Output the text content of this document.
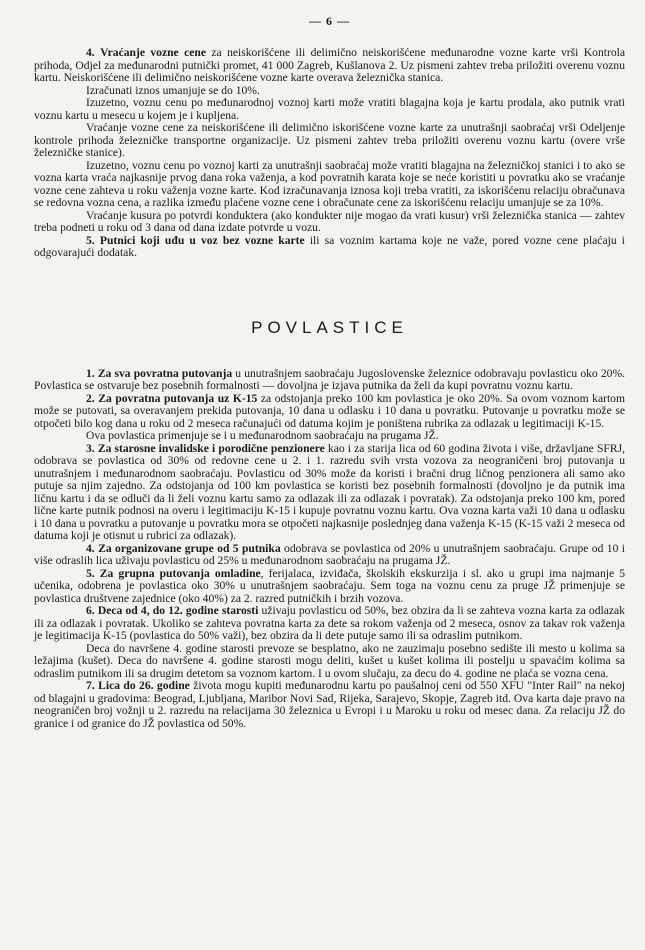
— 6 —

4. Vraćanje vozne cene za neiskorišćene ili delimično neiskorišćene međunarodne vozne karte vrši Kontrola prihoda, Odjel za međunarodni putnički promet, 41 000 Zagreb, Kušlanova 2. Uz pismeni zahtev treba priložiti overenu voznu kartu. Neiskorišćene ili delimično neiskorišćene vozne karte overava železnička stanica.

Izračunati iznos umanjuje se do 10%.

Izuzetno, voznu cenu po međunarodnoj voznoj karti može vratiti blagajna koja je kartu prodala, ako putnik vrati voznu kartu u mesecu u kojem je i kupljena.

Vraćanje vozne cene za neiskorišćene ili delimično iskorišćene vozne karte za unutrašnji saobraćaj vrši Odeljenje kontrole prihoda železničke transportne organizacije. Uz pismeni zahtev treba priložiti overenu voznu kartu (overe vrše železničke stanice).

Izuzetno, voznu cenu po voznoj karti za unutrašnji saobraćaj može vratiti blagajna na železničkoj stanici i to ako se vozna karta vraća najkasnije prvog dana roka važenja, a kod povratnih karata koje se neće koristiti u povratku ako se vraćanje vozne cene zahteva u roku važenja vozne karte. Kod izračunavanja iznosa koji treba vratiti, za iskorišćenu relaciju obračunava se redovna vozna cena, a razlika između plaćene vozne cene i obračunate cene za iskorišćenu relaciju umanjuje se za 10%.

Vraćanje kusura po potvrdi konduktera (ako kondukter nije mogao da vrati kusur) vrši železnička stanica — zahtev treba podneti u roku od 3 dana od dana izdate potvrde u vozu.

5. Putnici koji uđu u voz bez vozne karte ili sa voznim kartama koje ne važe, pored vozne cene plaćaju i odgovarajući dodatak.

POVLASTICE

1. Za sva povratna putovanja u unutrašnjem saobraćaju Jugoslovenske železnice odobravaju povlasticu oko 20%. Povlastica se ostvaruje bez posebnih formalnosti — dovoljna je izjava putnika da želi da kupi povratnu voznu kartu.

2. Za povratna putovanja uz K-15 za odstojanja preko 100 km povlastica je oko 20%. Sa ovom voznom kartom može se putovati, sa overavanjem prekida putovanja, 10 dana u odlasku i 10 dana u povratku. Putovanje u povratku može se otpočeti bilo kog dana u roku od 2 meseca računajući od datuma kojim je poništena rubrika za odlazak u legitimaciji K-15.

Ova povlastica primenjuje se i u međunarodnom saobraćaju na prugama JŽ.

3. Za starosne invalidske i porodične penzionere kao i za starija lica od 60 godina života i više, državljane SFRJ, odobrava se povlastica od 30% od redovne cene u 2. i 1. razredu svih vrsta vozova za neograničeni broj putovanja u unutrašnjem i međunarodnom saobraćaju. Povlasticu od 30% može da koristi i bračni drug ličnog penzionera ali samo ako putuje sa njim zajedno. Za odstojanja od 100 km povlastica se koristi bez posebnih formalnosti (dovoljno je da putnik ima ličnu kartu i da se odluči da li želi voznu kartu samo za odlazak ili za odlazak i povratak). Za odstojanja preko 100 km, pored lične karte putnik podnosi na overu i legitimaciju K-15 i kupuje povratnu voznu kartu. Ova vozna karta važi 10 dana u odlasku i 10 dana u povratku a putovanje u povratku mora se otpočeti najkasnije poslednjeg dana važenja K-15 (K-15 važi 2 meseca od datuma koji je otisnut u rubrici za odlazak).

4. Za organizovane grupe od 5 putnika odobrava se povlastica od 20% u unutrašnjem saobraćaju. Grupe od 10 i više odraslih lica uživaju povlasticu od 25% u međunarodnom saobraćaju na prugama JŽ.

5. Za grupna putovanja omladine, ferijalaca, izviđača, školskih ekskurzija i sl. ako u grupi ima najmanje 5 učenika, odobrena je povlastica oko 30% u unutrašnjem saobraćaju. Sem toga na voznu cenu za pruge JŽ primenjuje se povlastica društvene zajednice (oko 40%) za 2. razred putničkih i brzih vozova.

6. Deca od 4, do 12. godine starosti uživaju povlasticu od 50%, bez obzira da li se zahteva vozna karta za odlazak ili za odlazak i povratak. Ukoliko se zahteva povratna karta za dete sa rokom važenja od 2 meseca, osnov za takav rok važenja je legitimacija K-15 (povlastica do 50% važi), bez obzira da li dete putuje samo ili sa odraslim putnikom.

Deca do navršene 4. godine starosti prevoze se besplatno, ako ne zauzimaju posebno sedište ili mesto u kolima sa ležajima (kušet). Deca do navršene 4. godine starosti mogu deliti, kušet u kušet kolima ili postelju u spavaćim kolima sa odraslim putnikom ili sa drugim detetom sa voznom kartom. I u ovom slučaju, za decu do 4. godine ne plaća se vozna cena.

7. Lica do 26. godine života mogu kupiti međunarodnu kartu po paušalnoj ceni od 550 XFU "Inter Rail" na nekoj od blagajni u gradovima: Beograd, Ljubljana, Maribor Novi Sad, Rijeka, Sarajevo, Skopje, Zagreb itd. Ova karta daje pravo na neograničen broj vožnji u 2. razredu na relacijama 30 železnica u Evropi i u Maroku u roku od mesec dana. Za relaciju JŽ do granice i od granice do JŽ povlastica od 50%.
